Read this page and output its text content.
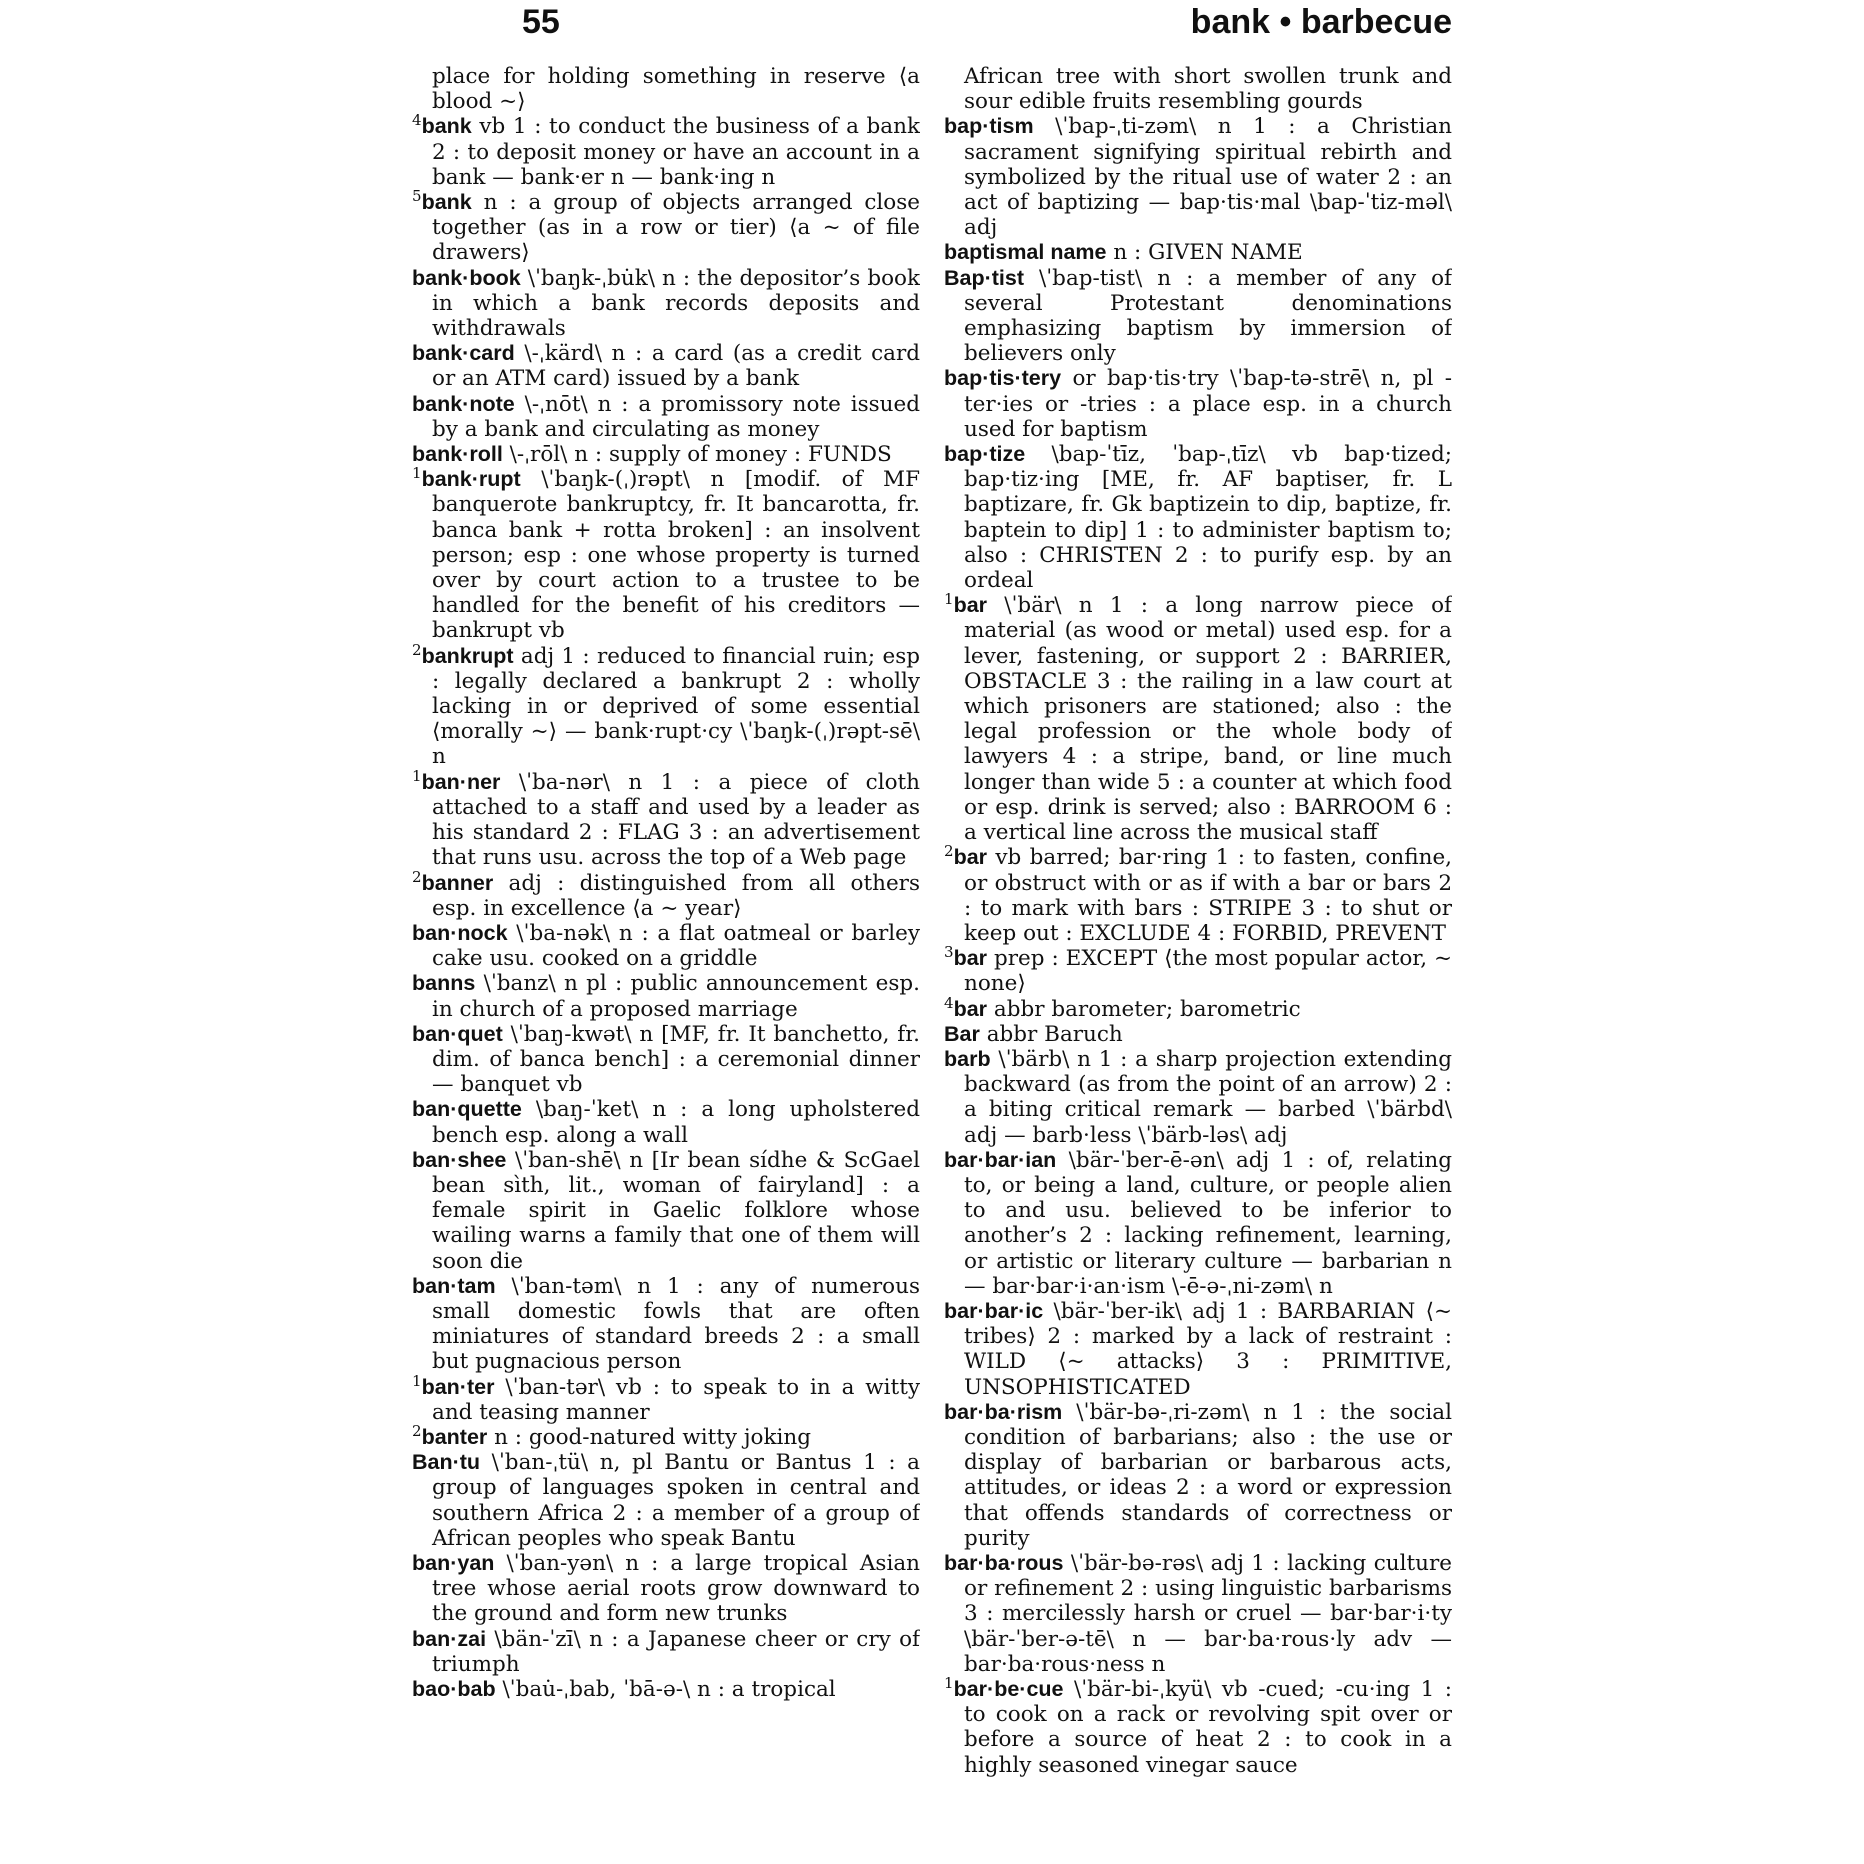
55	bank • barbecue

place for holding something in reserve ⟨a blood ~⟩

$^4$bank vb 1 : to conduct the business of a bank 2 : to deposit money or have an account in a bank — bank·er n — bank·ing n

$^5$bank n : a group of objects arranged close together (as in a row or tier) ⟨a ~ of file drawers⟩

bank·book \ˈbaŋk-ˌbu̇k\ n : the depositor’s book in which a bank records deposits and withdrawals

bank·card \-ˌkärd\ n : a card (as a credit card or an ATM card) issued by a bank

bank·note \-ˌnōt\ n : a promissory note issued by a bank and circulating as money

bank·roll \-ˌrōl\ n : supply of money : FUNDS

$^1$bank·rupt \ˈbaŋk-(ˌ)rəpt\ n [modif. of MF banquerote bankruptcy, fr. It bancarotta, fr. banca bank + rotta broken] : an insolvent person; esp : one whose property is turned over by court action to a trustee to be handled for the benefit of his creditors — bankrupt vb

$^2$bankrupt adj 1 : reduced to financial ruin; esp : legally declared a bankrupt 2 : wholly lacking in or deprived of some essential ⟨morally ~⟩ — bank·rupt·cy \ˈbaŋk-(ˌ)rəpt-sē\ n

$^1$ban·ner \ˈba-nər\ n 1 : a piece of cloth attached to a staff and used by a leader as his standard 2 : FLAG 3 : an advertisement that runs usu. across the top of a Web page

$^2$banner adj : distinguished from all others esp. in excellence ⟨a ~ year⟩

ban·nock \ˈba-nək\ n : a flat oatmeal or barley cake usu. cooked on a griddle

banns \ˈbanz\ n pl : public announcement esp. in church of a proposed marriage

ban·quet \ˈbaŋ-kwət\ n [MF, fr. It banchetto, fr. dim. of banca bench] : a ceremonial dinner — banquet vb

ban·quette \baŋ-ˈket\ n : a long upholstered bench esp. along a wall

ban·shee \ˈban-shē\ n [Ir bean sídhe & ScGael bean sìth, lit., woman of fairyland] : a female spirit in Gaelic folklore whose wailing warns a family that one of them will soon die

ban·tam \ˈban-təm\ n 1 : any of numerous small domestic fowls that are often miniatures of standard breeds 2 : a small but pugnacious person

$^1$ban·ter \ˈban-tər\ vb : to speak to in a witty and teasing manner

$^2$banter n : good-natured witty joking

Ban·tu \ˈban-ˌtü\ n, pl Bantu or Bantus 1 : a group of languages spoken in central and southern Africa 2 : a member of a group of African peoples who speak Bantu

ban·yan \ˈban-yən\ n : a large tropical Asian tree whose aerial roots grow downward to the ground and form new trunks

ban·zai \bän-ˈzī\ n : a Japanese cheer or cry of triumph

bao·bab \ˈbau̇-ˌbab, ˈbā-ə-\ n : a tropical

African tree with short swollen trunk and sour edible fruits resembling gourds

bap·tism \ˈbap-ˌti-zəm\ n 1 : a Christian sacrament signifying spiritual rebirth and symbolized by the ritual use of water 2 : an act of baptizing — bap·tis·mal \bap-ˈtiz-məl\ adj

baptismal name n : GIVEN NAME

Bap·tist \ˈbap-tist\ n : a member of any of several Protestant denominations emphasizing baptism by immersion of believers only

bap·tis·tery or bap·tis·try \ˈbap-tə-strē\ n, pl -ter·ies or -tries : a place esp. in a church used for baptism

bap·tize \bap-ˈtīz, ˈbap-ˌtīz\ vb bap·tized; bap·tiz·ing [ME, fr. AF baptiser, fr. L baptizare, fr. Gk baptizein to dip, baptize, fr. baptein to dip] 1 : to administer baptism to; also : CHRISTEN 2 : to purify esp. by an ordeal

$^1$bar \ˈbär\ n 1 : a long narrow piece of material (as wood or metal) used esp. for a lever, fastening, or support 2 : BARRIER, OBSTACLE 3 : the railing in a law court at which prisoners are stationed; also : the legal profession or the whole body of lawyers 4 : a stripe, band, or line much longer than wide 5 : a counter at which food or esp. drink is served; also : BARROOM 6 : a vertical line across the musical staff

$^2$bar vb barred; bar·ring 1 : to fasten, confine, or obstruct with or as if with a bar or bars 2 : to mark with bars : STRIPE 3 : to shut or keep out : EXCLUDE 4 : FORBID, PREVENT

$^3$bar prep : EXCEPT ⟨the most popular actor, ~ none⟩

$^4$bar abbr barometer; barometric

Bar abbr Baruch

barb \ˈbärb\ n 1 : a sharp projection extending backward (as from the point of an arrow) 2 : a biting critical remark — barbed \ˈbärbd\ adj — barb·less \ˈbärb-ləs\ adj

bar·bar·ian \bär-ˈber-ē-ən\ adj 1 : of, relating to, or being a land, culture, or people alien to and usu. believed to be inferior to another’s 2 : lacking refinement, learning, or artistic or literary culture — barbarian n — bar·bar·i·an·ism \-ē-ə-ˌni-zəm\ n

bar·bar·ic \bär-ˈber-ik\ adj 1 : BARBARIAN ⟨~ tribes⟩ 2 : marked by a lack of restraint : WILD ⟨~ attacks⟩ 3 : PRIMITIVE, UNSOPHISTICATED

bar·ba·rism \ˈbär-bə-ˌri-zəm\ n 1 : the social condition of barbarians; also : the use or display of barbarian or barbarous acts, attitudes, or ideas 2 : a word or expression that offends standards of correctness or purity

bar·ba·rous \ˈbär-bə-rəs\ adj 1 : lacking culture or refinement 2 : using linguistic barbarisms 3 : mercilessly harsh or cruel — bar·bar·i·ty \bär-ˈber-ə-tē\ n — bar·ba·rous·ly adv — bar·ba·rous·ness n

$^1$bar·be·cue \ˈbär-bi-ˌkyü\ vb -cued; -cu·ing 1 : to cook on a rack or revolving spit over or before a source of heat 2 : to cook in a highly seasoned vinegar sauce
